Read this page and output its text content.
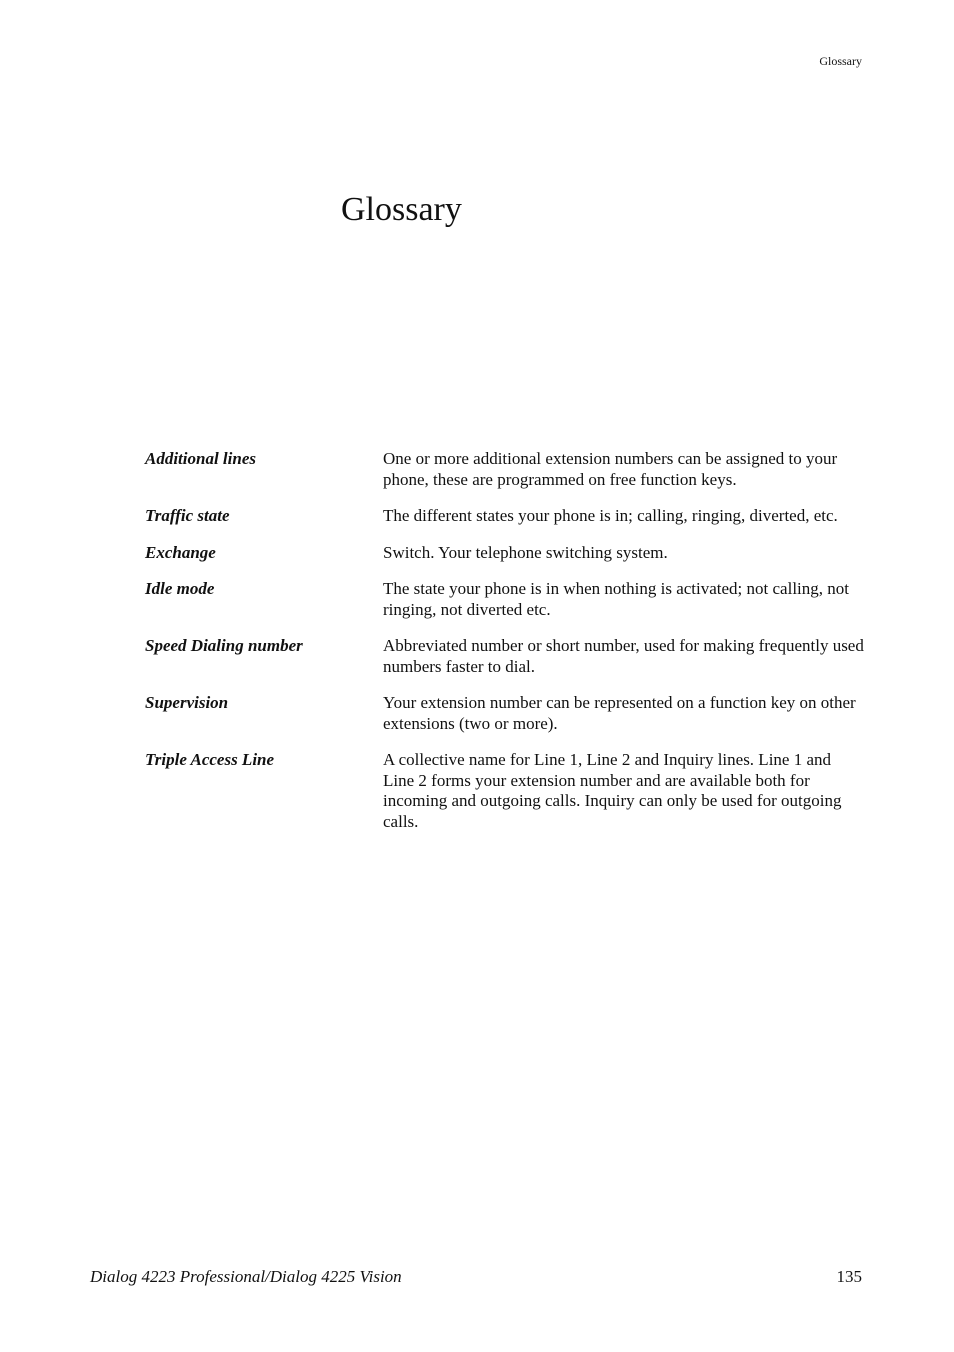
Glossary
Glossary
Additional lines	One or more additional extension numbers can be assigned to your phone, these are programmed on free function keys.
Traffic state	The different states your phone is in; calling, ringing, diverted, etc.
Exchange	Switch. Your telephone switching system.
Idle mode	The state your phone is in when nothing is activated; not calling, not ringing, not diverted etc.
Speed Dialing number	Abbreviated number or short number, used for making frequently used numbers faster to dial.
Supervision	Your extension number can be represented on a function key on other extensions (two or more).
Triple Access Line	A collective name for Line 1, Line 2 and Inquiry lines. Line 1 and Line 2 forms your extension number and are available both for incoming and outgoing calls. Inquiry can only be used for outgoing calls.
Dialog 4223 Professional/Dialog 4225 Vision	135
